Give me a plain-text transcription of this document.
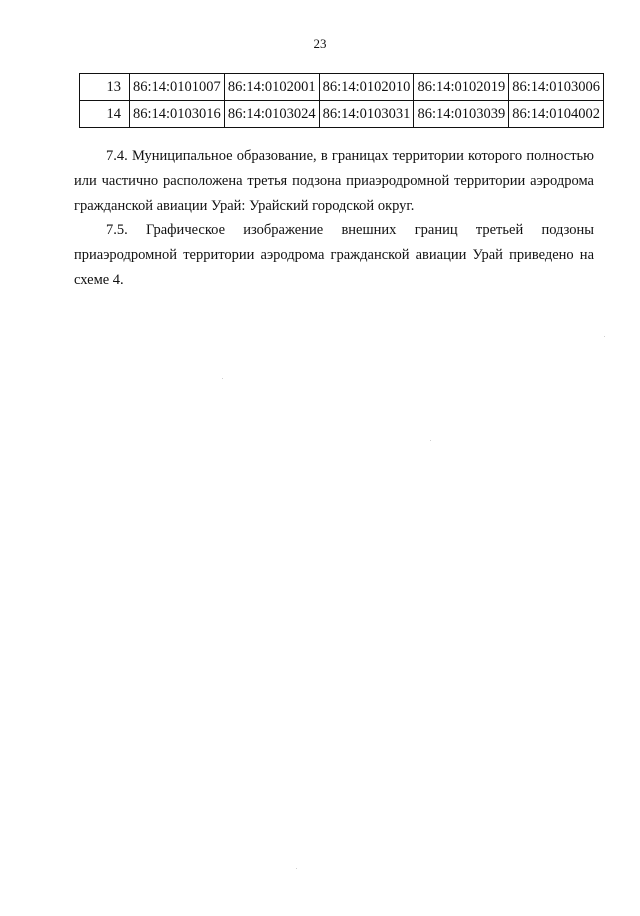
23
13	86:14:0101007	86:14:0102001	86:14:0102010	86:14:0102019	86:14:0103006
14	86:14:0103016	86:14:0103024	86:14:0103031	86:14:0103039	86:14:0104002

7.4. Муниципальное образование, в границах территории которого полностью или частично расположена третья подзона приаэродромной территории аэродрома гражданской авиации Урай: Урайский городской округ.

7.5. Графическое изображение внешних границ третьей подзоны приаэродромной территории аэродрома гражданской авиации Урай приведено на схеме 4.
